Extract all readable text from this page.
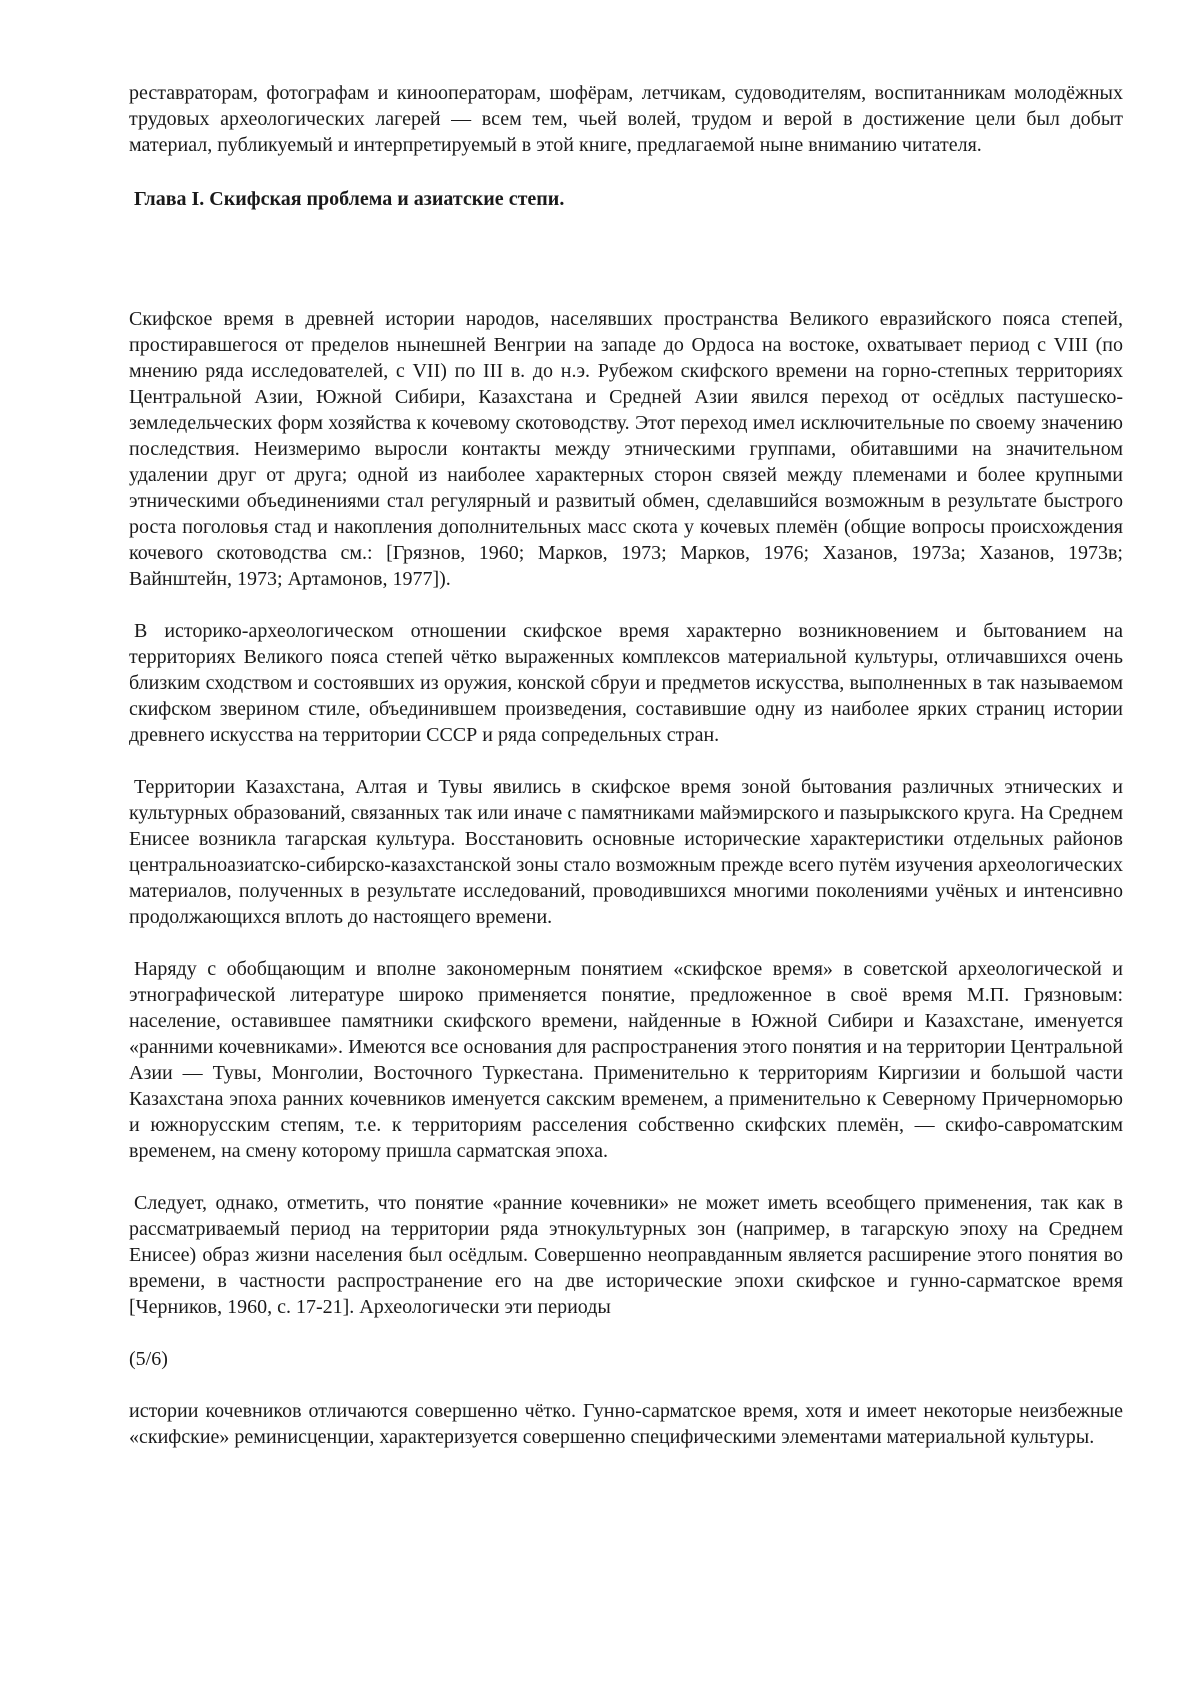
реставраторам, фотографам и кинооператорам, шофёрам, летчикам, судоводителям, воспитанникам молодёжных трудовых археологических лагерей — всем тем, чьей волей, трудом и верой в достижение цели был добыт материал, публикуемый и интерпретируемый в этой книге, предлагаемой ныне вниманию читателя.

Глава I. Скифская проблема и азиатские степи.

Скифское время в древней истории народов, населявших пространства Великого евразийского пояса степей, простиравшегося от пределов нынешней Венгрии на западе до Ордоса на востоке, охватывает период с VIII (по мнению ряда исследователей, с VII) по III в. до н.э. Рубежом скифского времени на горно-степных территориях Центральной Азии, Южной Сибири, Казахстана и Средней Азии явился переход от осёдлых пастушеско-земледельческих форм хозяйства к кочевому скотоводству. Этот переход имел исключительные по своему значению последствия. Неизмеримо выросли контакты между этническими группами, обитавшими на значительном удалении друг от друга; одной из наиболее характерных сторон связей между племенами и более крупными этническими объединениями стал регулярный и развитый обмен, сделавшийся возможным в результате быстрого роста поголовья стад и накопления дополнительных масс скота у кочевых племён (общие вопросы происхождения кочевого скотоводства см.: [Грязнов, 1960; Марков, 1973; Марков, 1976; Хазанов, 1973а; Хазанов, 1973в; Вайнштейн, 1973; Артамонов, 1977]).

В историко-археологическом отношении скифское время характерно возникновением и бытованием на территориях Великого пояса степей чётко выраженных комплексов материальной культуры, отличавшихся очень близким сходством и состоявших из оружия, конской сбруи и предметов искусства, выполненных в так называемом скифском зверином стиле, объединившем произведения, составившие одну из наиболее ярких страниц истории древнего искусства на территории СССР и ряда сопредельных стран.

Территории Казахстана, Алтая и Тувы явились в скифское время зоной бытования различных этнических и культурных образований, связанных так или иначе с памятниками майэмирского и пазырыкского круга. На Среднем Енисее возникла тагарская культура. Восстановить основные исторические характеристики отдельных районов центральноазиатско-сибирско-казахстанской зоны стало возможным прежде всего путём изучения археологических материалов, полученных в результате исследований, проводившихся многими поколениями учёных и интенсивно продолжающихся вплоть до настоящего времени.

Наряду с обобщающим и вполне закономерным понятием «скифское время» в советской археологической и этнографической литературе широко применяется понятие, предложенное в своё время М.П. Грязновым: население, оставившее памятники скифского времени, найденные в Южной Сибири и Казахстане, именуется «ранними кочевниками». Имеются все основания для распространения этого понятия и на территории Центральной Азии — Тувы, Монголии, Восточного Туркестана. Применительно к территориям Киргизии и большой части Казахстана эпоха ранних кочевников именуется сакским временем, а применительно к Северному Причерноморью и южнорусским степям, т.е. к территориям расселения собственно скифских племён, — скифо-савроматским временем, на смену которому пришла сарматская эпоха.

Следует, однако, отметить, что понятие «ранние кочевники» не может иметь всеобщего применения, так как в рассматриваемый период на территории ряда этнокультурных зон (например, в тагарскую эпоху на Среднем Енисее) образ жизни населения был осёдлым. Совершенно неоправданным является расширение этого понятия во времени, в частности распространение его на две исторические эпохи скифское и гунно-сарматское время [Черников, 1960, с. 17-21]. Археологически эти периоды

(5/6)

истории кочевников отличаются совершенно чётко. Гунно-сарматское время, хотя и имеет некоторые неизбежные «скифские» реминисценции, характеризуется совершенно специфическими элементами материальной культуры.
